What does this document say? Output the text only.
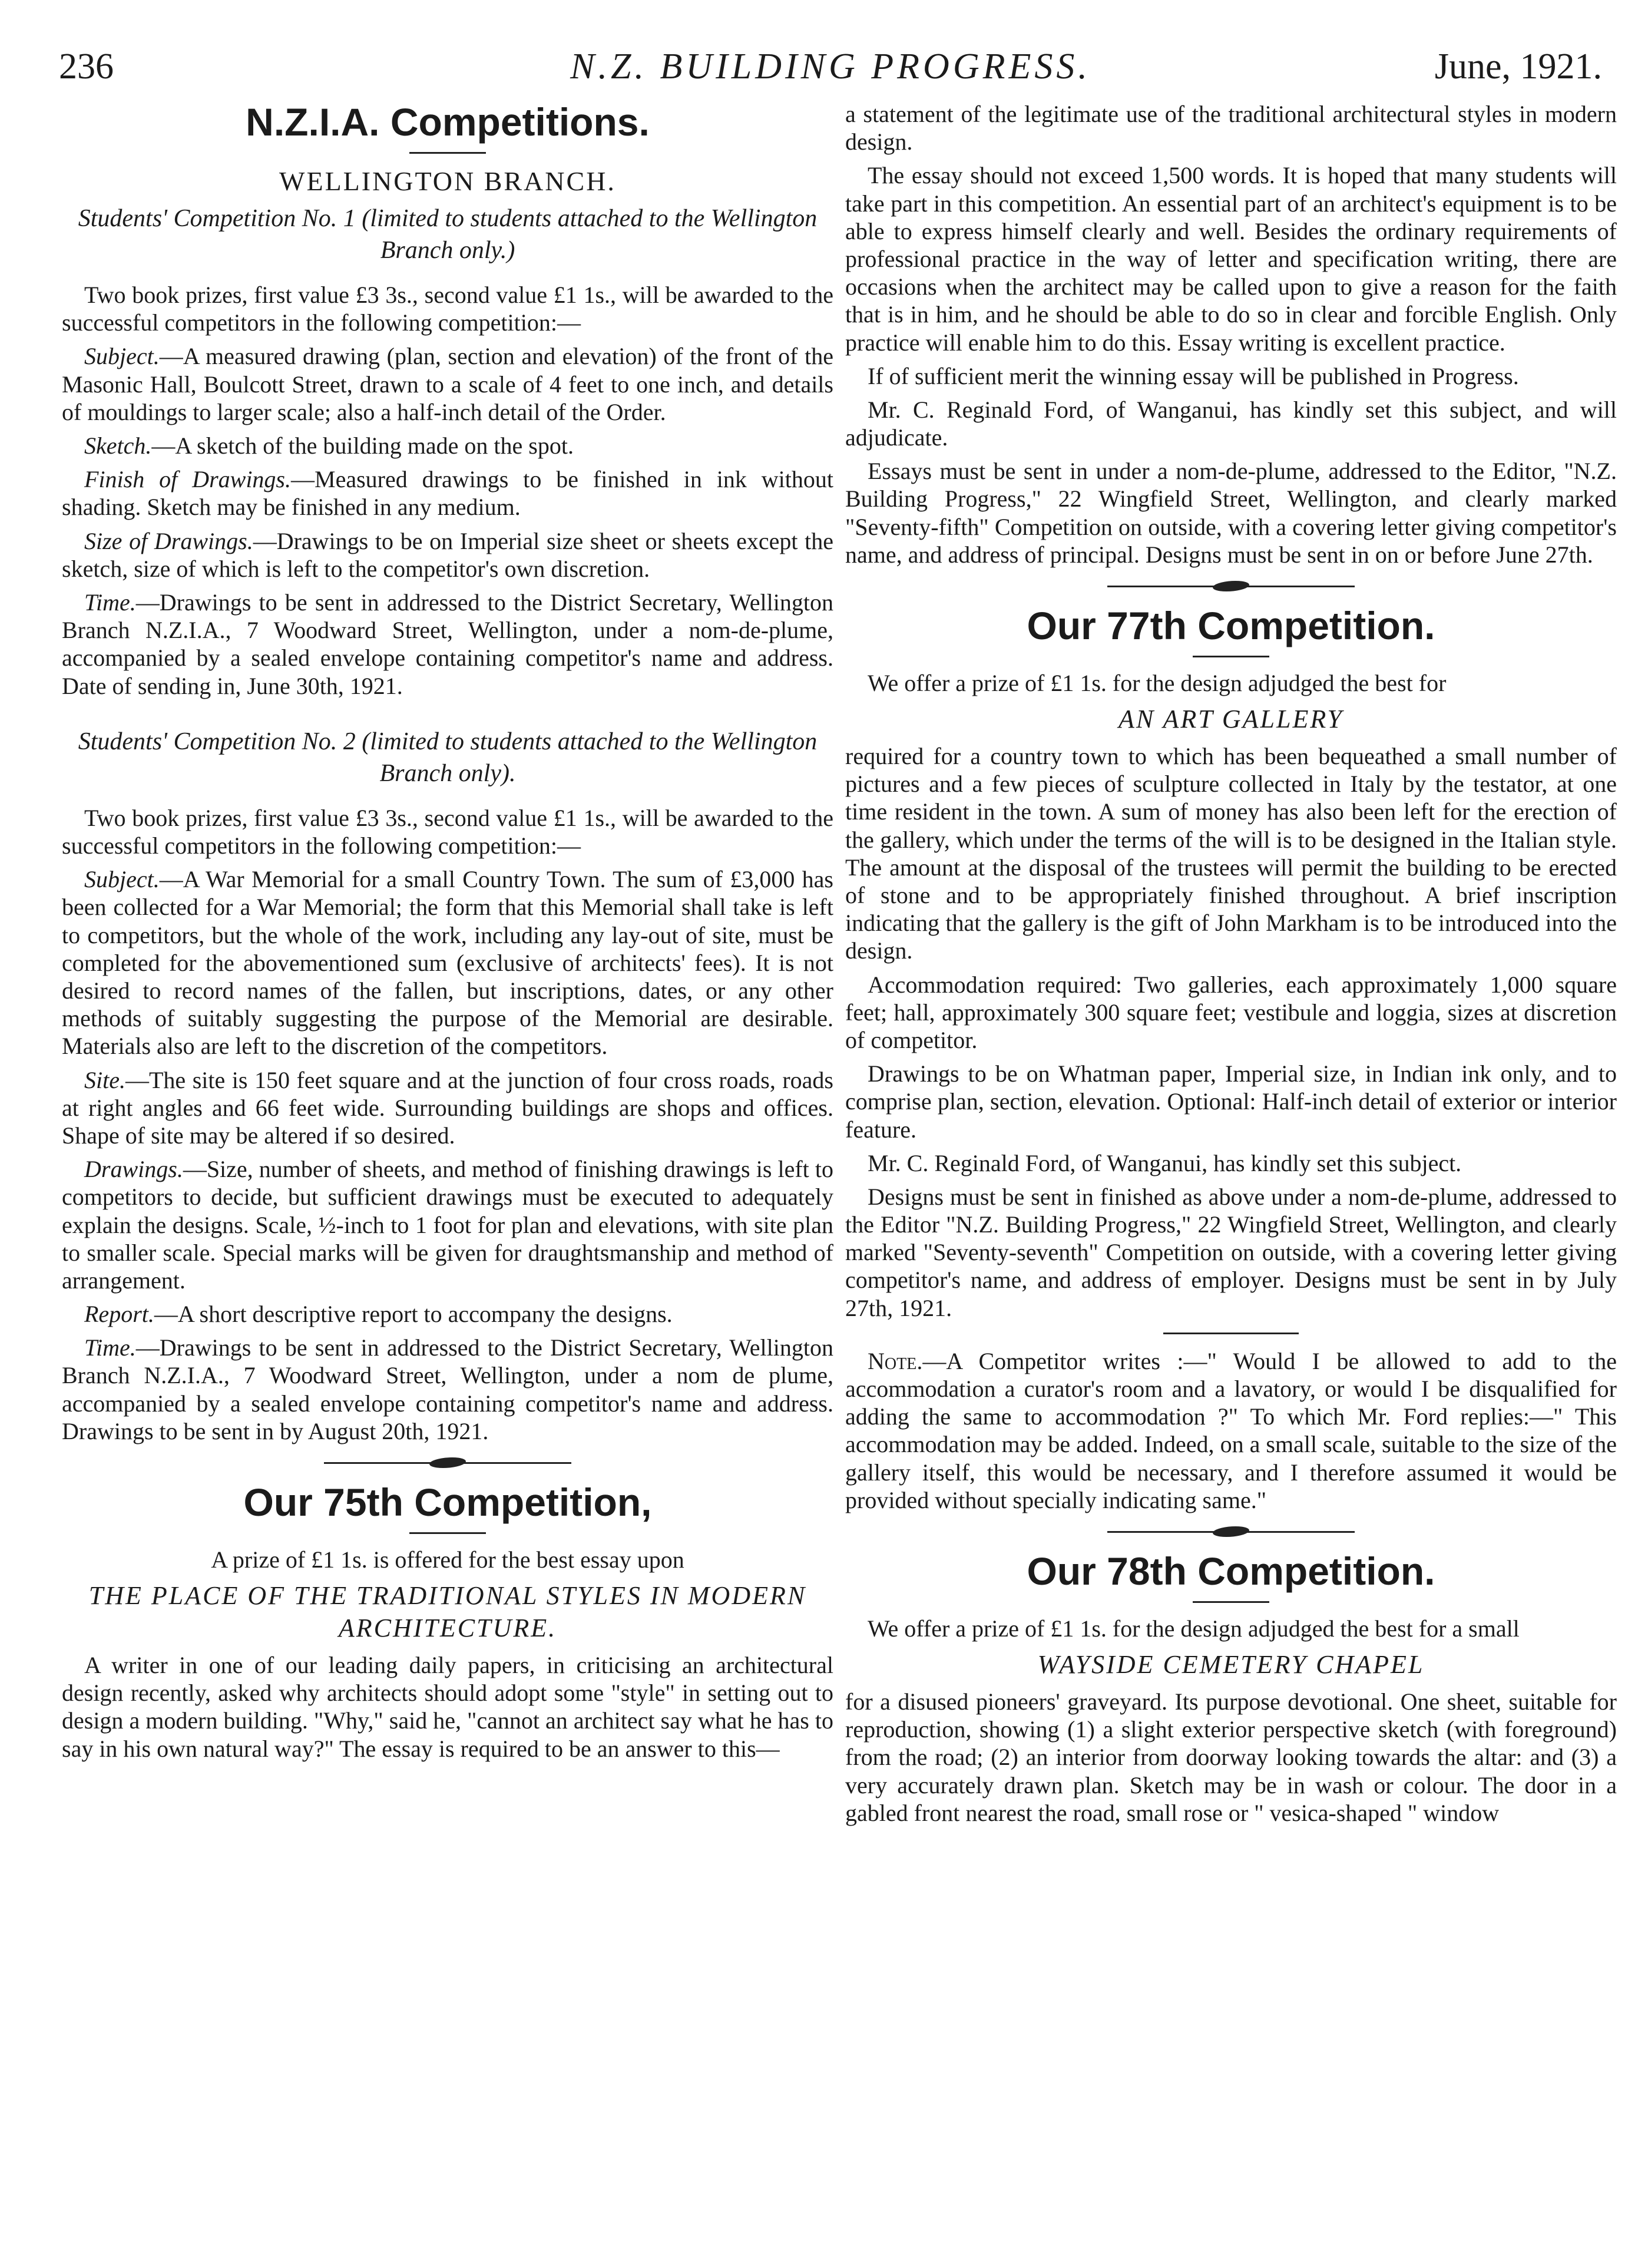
236	N.Z. BUILDING PROGRESS.	June, 1921.
N.Z.I.A. Competitions.
WELLINGTON BRANCH.
Students' Competition No. 1 (limited to students attached to the Wellington Branch only.)

Two book prizes, first value £3 3s., second value £1 1s., will be awarded to the successful competitors in the following competition:—

Subject.—A measured drawing (plan, section and elevation) of the front of the Masonic Hall, Boulcott Street, drawn to a scale of 4 feet to one inch, and details of mouldings to larger scale; also a half-inch detail of the Order.

Sketch.—A sketch of the building made on the spot.

Finish of Drawings.—Measured drawings to be finished in ink without shading. Sketch may be finished in any medium.

Size of Drawings.—Drawings to be on Imperial size sheet or sheets except the sketch, size of which is left to the competitor's own discretion.

Time.—Drawings to be sent in addressed to the District Secretary, Wellington Branch N.Z.I.A., 7 Woodward Street, Wellington, under a nom-de-plume, accompanied by a sealed envelope containing competitor's name and address. Date of sending in, June 30th, 1921.

Students' Competition No. 2 (limited to students attached to the Wellington Branch only).

Two book prizes, first value £3 3s., second value £1 1s., will be awarded to the successful competitors in the following competition:—

Subject.—A War Memorial for a small Country Town. The sum of £3,000 has been collected for a War Memorial; the form that this Memorial shall take is left to competitors, but the whole of the work, including any lay-out of site, must be completed for the abovementioned sum (exclusive of architects' fees). It is not desired to record names of the fallen, but inscriptions, dates, or any other methods of suitably suggesting the purpose of the Memorial are desirable. Materials also are left to the discretion of the competitors.

Site.—The site is 150 feet square and at the junction of four cross roads, roads at right angles and 66 feet wide. Surrounding buildings are shops and offices. Shape of site may be altered if so desired.

Drawings.—Size, number of sheets, and method of finishing drawings is left to competitors to decide, but sufficient drawings must be executed to adequately explain the designs. Scale, ½-inch to 1 foot for plan and elevations, with site plan to smaller scale. Special marks will be given for draughtsmanship and method of arrangement.

Report.—A short descriptive report to accompany the designs.

Time.—Drawings to be sent in addressed to the District Secretary, Wellington Branch N.Z.I.A., 7 Woodward Street, Wellington, under a nom de plume, accompanied by a sealed envelope containing competitor's name and address. Drawings to be sent in by August 20th, 1921.

Our 75th Competition,

A prize of £1 1s. is offered for the best essay upon

THE PLACE OF THE TRADITIONAL STYLES IN MODERN ARCHITECTURE.

A writer in one of our leading daily papers, in criticising an architectural design recently, asked why architects should adopt some "style" in setting out to design a modern building. "Why," said he, "cannot an architect say what he has to say in his own natural way?" The essay is required to be an answer to this—

a statement of the legitimate use of the traditional architectural styles in modern design.

The essay should not exceed 1,500 words. It is hoped that many students will take part in this competition. An essential part of an architect's equipment is to be able to express himself clearly and well. Besides the ordinary requirements of professional practice in the way of letter and specification writing, there are occasions when the architect may be called upon to give a reason for the faith that is in him, and he should be able to do so in clear and forcible English. Only practice will enable him to do this. Essay writing is excellent practice.

If of sufficient merit the winning essay will be published in Progress.

Mr. C. Reginald Ford, of Wanganui, has kindly set this subject, and will adjudicate.

Essays must be sent in under a nom-de-plume, addressed to the Editor, "N.Z. Building Progress," 22 Wingfield Street, Wellington, and clearly marked "Seventy-fifth" Competition on outside, with a covering letter giving competitor's name, and address of principal. Designs must be sent in on or before June 27th.

Our 77th Competition.

We offer a prize of £1 1s. for the design adjudged the best for

AN ART GALLERY

required for a country town to which has been bequeathed a small number of pictures and a few pieces of sculpture collected in Italy by the testator, at one time resident in the town. A sum of money has also been left for the erection of the gallery, which under the terms of the will is to be designed in the Italian style. The amount at the disposal of the trustees will permit the building to be erected of stone and to be appropriately finished throughout. A brief inscription indicating that the gallery is the gift of John Markham is to be introduced into the design.

Accommodation required: Two galleries, each approximately 1,000 square feet; hall, approximately 300 square feet; vestibule and loggia, sizes at discretion of competitor.

Drawings to be on Whatman paper, Imperial size, in Indian ink only, and to comprise plan, section, elevation. Optional: Half-inch detail of exterior or interior feature.

Mr. C. Reginald Ford, of Wanganui, has kindly set this subject.

Designs must be sent in finished as above under a nom-de-plume, addressed to the Editor "N.Z. Building Progress," 22 Wingfield Street, Wellington, and clearly marked "Seventy-seventh" Competition on outside, with a covering letter giving competitor's name, and address of employer. Designs must be sent in by July 27th, 1921.

Note.—A Competitor writes :—" Would I be allowed to add to the accommodation a curator's room and a lavatory, or would I be disqualified for adding the same to accommodation ?" To which Mr. Ford replies:—" This accommodation may be added. Indeed, on a small scale, suitable to the size of the gallery itself, this would be necessary, and I therefore assumed it would be provided without specially indicating same."

Our 78th Competition.

We offer a prize of £1 1s. for the design adjudged the best for a small

WAYSIDE CEMETERY CHAPEL

for a disused pioneers' graveyard. Its purpose devotional. One sheet, suitable for reproduction, showing (1) a slight exterior perspective sketch (with foreground) from the road; (2) an interior from doorway looking towards the altar: and (3) a very accurately drawn plan. Sketch may be in wash or colour. The door in a gabled front nearest the road, small rose or " vesica-shaped " window
